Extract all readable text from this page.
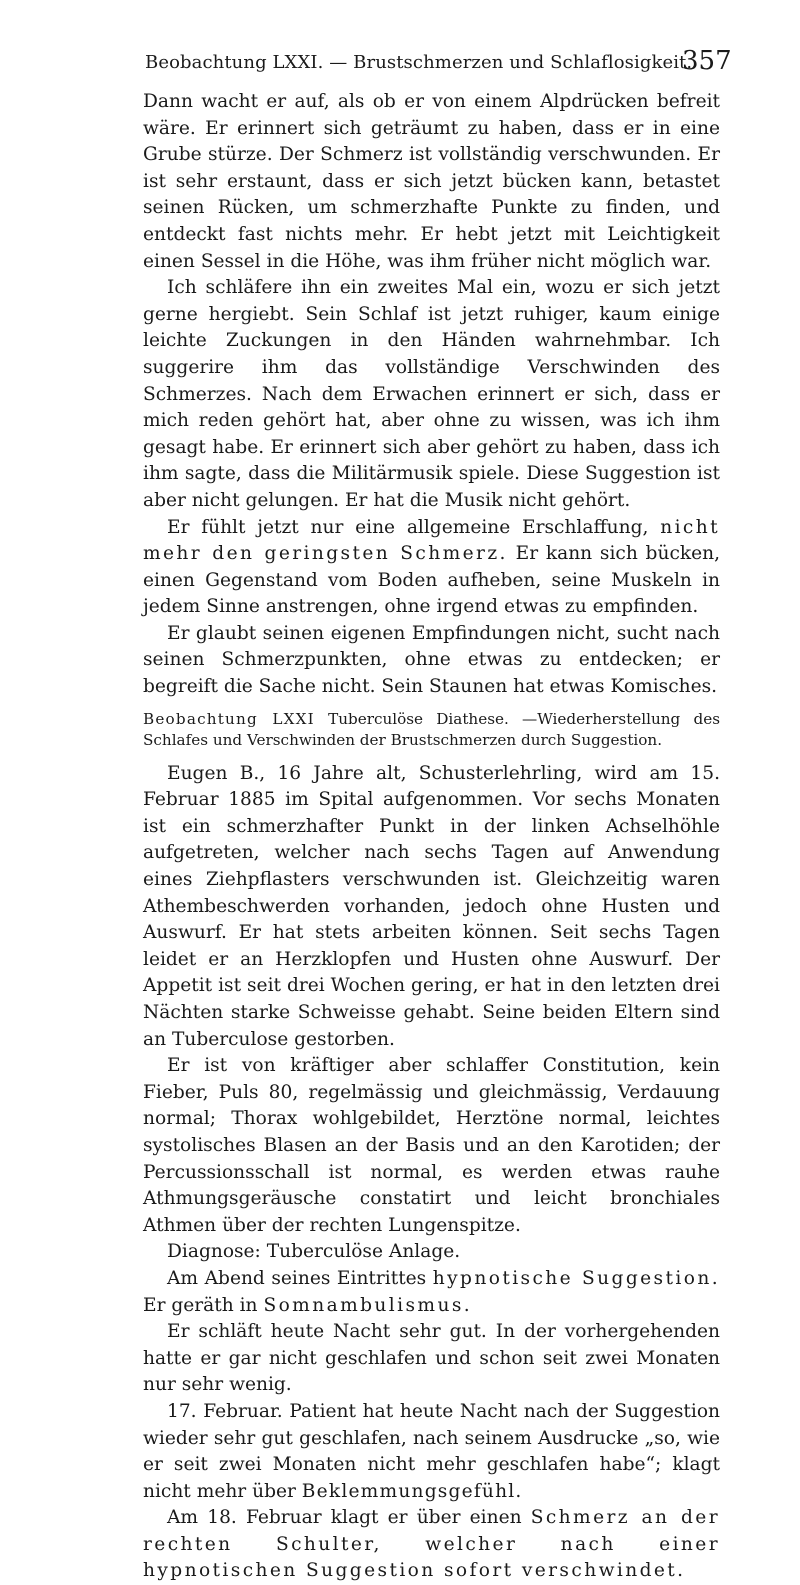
Beobachtung LXXI. — Brustschmerzen und Schlaflosigkeit.
357

Dann wacht er auf, als ob er von einem Alpdrücken befreit wäre. Er erinnert sich geträumt zu haben, dass er in eine Grube stürze. Der Schmerz ist vollständig verschwunden. Er ist sehr erstaunt, dass er sich jetzt bücken kann, betastet seinen Rücken, um schmerzhafte Punkte zu finden, und entdeckt fast nichts mehr. Er hebt jetzt mit Leichtigkeit einen Sessel in die Höhe, was ihm früher nicht möglich war.

Ich schläfere ihn ein zweites Mal ein, wozu er sich jetzt gerne hergiebt. Sein Schlaf ist jetzt ruhiger, kaum einige leichte Zuckungen in den Händen wahrnehmbar. Ich suggerire ihm das vollständige Verschwinden des Schmerzes. Nach dem Erwachen erinnert er sich, dass er mich reden gehört hat, aber ohne zu wissen, was ich ihm gesagt habe. Er erinnert sich aber gehört zu haben, dass ich ihm sagte, dass die Militärmusik spiele. Diese Suggestion ist aber nicht gelungen. Er hat die Musik nicht gehört.

Er fühlt jetzt nur eine allgemeine Erschlaffung, nicht mehr den geringsten Schmerz. Er kann sich bücken, einen Gegenstand vom Boden aufheben, seine Muskeln in jedem Sinne anstrengen, ohne irgend etwas zu empfinden.

Er glaubt seinen eigenen Empfindungen nicht, sucht nach seinen Schmerzpunkten, ohne etwas zu entdecken; er begreift die Sache nicht. Sein Staunen hat etwas Komisches.

Beobachtung LXXI Tuberculöse Diathese. —Wiederherstellung des Schlafes und Verschwinden der Brustschmerzen durch Suggestion.

Eugen B., 16 Jahre alt, Schusterlehrling, wird am 15. Februar 1885 im Spital aufgenommen. Vor sechs Monaten ist ein schmerzhafter Punkt in der linken Achselhöhle aufgetreten, welcher nach sechs Tagen auf Anwendung eines Ziehpflasters verschwunden ist. Gleichzeitig waren Athembeschwerden vorhanden, jedoch ohne Husten und Auswurf. Er hat stets arbeiten können. Seit sechs Tagen leidet er an Herzklopfen und Husten ohne Auswurf. Der Appetit ist seit drei Wochen gering, er hat in den letzten drei Nächten starke Schweisse gehabt. Seine beiden Eltern sind an Tuberculose gestorben.

Er ist von kräftiger aber schlaffer Constitution, kein Fieber, Puls 80, regelmässig und gleichmässig, Verdauung normal; Thorax wohlgebildet, Herztöne normal, leichtes systolisches Blasen an der Basis und an den Karotiden; der Percussionsschall ist normal, es werden etwas rauhe Athmungsgeräusche constatirt und leicht bronchiales Athmen über der rechten Lungenspitze.

Diagnose: Tuberculöse Anlage.

Am Abend seines Eintrittes hypnotische Suggestion. Er geräth in Somnambulismus.

Er schläft heute Nacht sehr gut. In der vorhergehenden hatte er gar nicht geschlafen und schon seit zwei Monaten nur sehr wenig.

17. Februar. Patient hat heute Nacht nach der Suggestion wieder sehr gut geschlafen, nach seinem Ausdrucke „so, wie er seit zwei Monaten nicht mehr geschlafen habe“; klagt nicht mehr über Beklemmungsgefühl.

Am 18. Februar klagt er über einen Schmerz an der rechten Schulter, welcher nach einer hypnotischen Suggestion sofort verschwindet.
